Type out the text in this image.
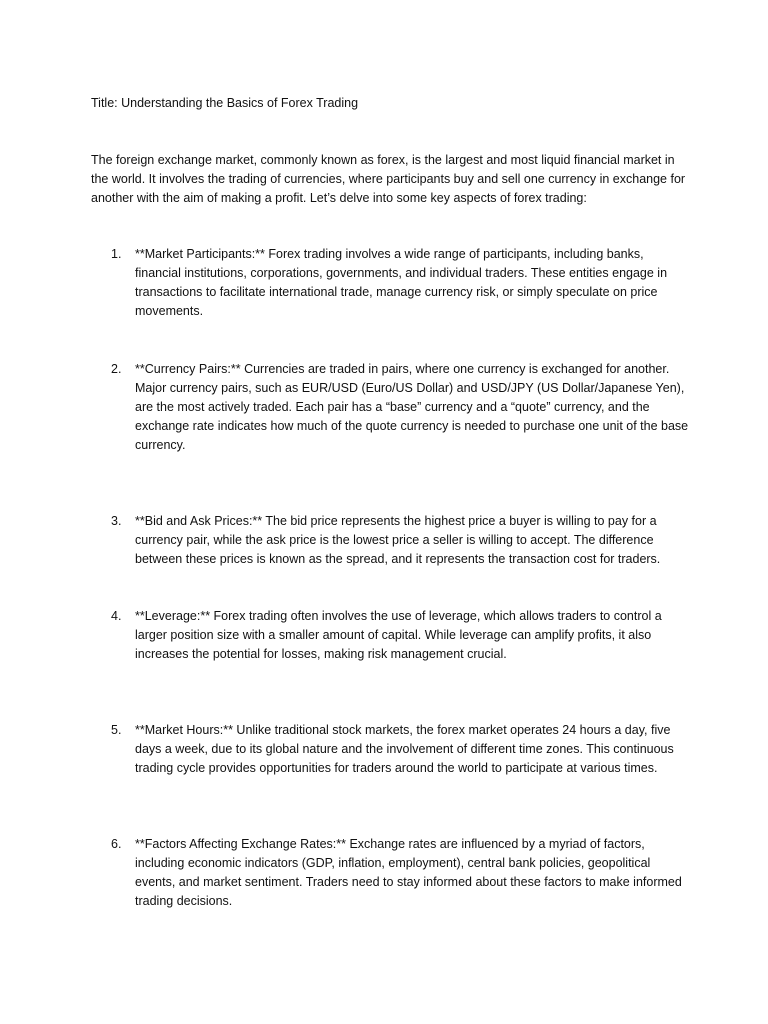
Title: Understanding the Basics of Forex Trading
The foreign exchange market, commonly known as forex, is the largest and most liquid financial market in the world. It involves the trading of currencies, where participants buy and sell one currency in exchange for another with the aim of making a profit. Let’s delve into some key aspects of forex trading:
1.	**Market Participants:** Forex trading involves a wide range of participants, including banks, financial institutions, corporations, governments, and individual traders. These entities engage in transactions to facilitate international trade, manage currency risk, or simply speculate on price movements.
2.	**Currency Pairs:** Currencies are traded in pairs, where one currency is exchanged for another. Major currency pairs, such as EUR/USD (Euro/US Dollar) and USD/JPY (US Dollar/Japanese Yen), are the most actively traded. Each pair has a “base” currency and a “quote” currency, and the exchange rate indicates how much of the quote currency is needed to purchase one unit of the base currency.
3.	**Bid and Ask Prices:** The bid price represents the highest price a buyer is willing to pay for a currency pair, while the ask price is the lowest price a seller is willing to accept. The difference between these prices is known as the spread, and it represents the transaction cost for traders.
4.	**Leverage:** Forex trading often involves the use of leverage, which allows traders to control a larger position size with a smaller amount of capital. While leverage can amplify profits, it also increases the potential for losses, making risk management crucial.
5.	**Market Hours:** Unlike traditional stock markets, the forex market operates 24 hours a day, five days a week, due to its global nature and the involvement of different time zones. This continuous trading cycle provides opportunities for traders around the world to participate at various times.
6.	**Factors Affecting Exchange Rates:** Exchange rates are influenced by a myriad of factors, including economic indicators (GDP, inflation, employment), central bank policies, geopolitical events, and market sentiment. Traders need to stay informed about these factors to make informed trading decisions.
